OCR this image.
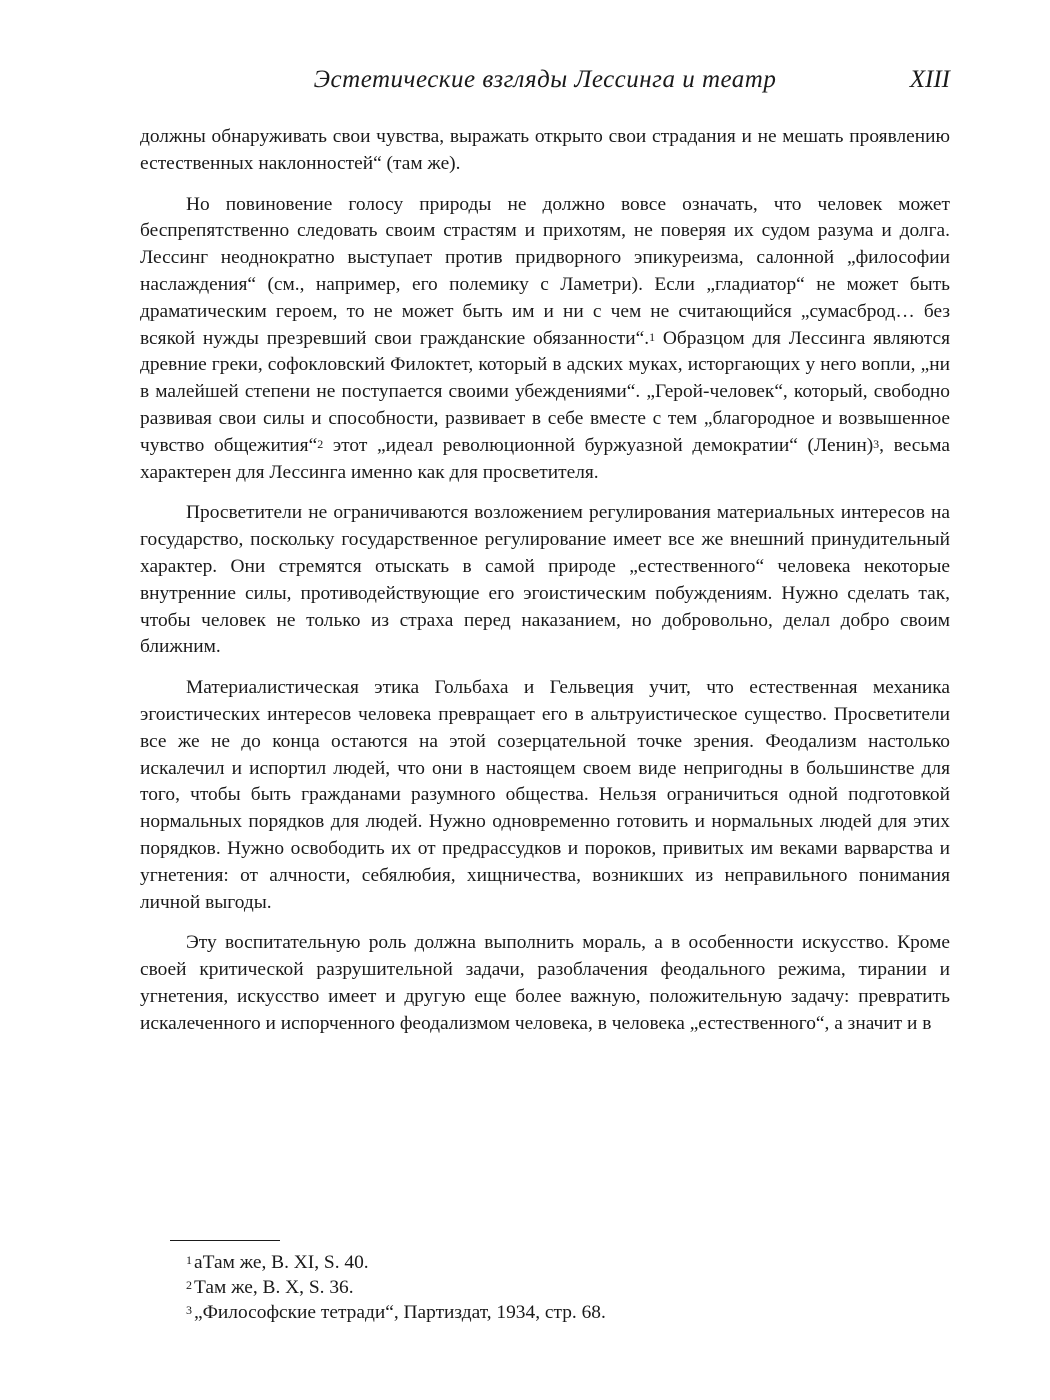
Эстетические взгляды Лессинга и театр	XIII

должны обнаруживать свои чувства, выражать открыто свои страдания и не мешать проявлению естественных наклонностей“ (там же).

Но повиновение голосу природы не должно вовсе означать, что человек может беспрепятственно следовать своим страстям и прихотям, не поверяя их судом разума и долга. Лессинг неоднократно выступает против придворного эпикуреизма, салонной „философии наслаждения“ (см., например, его полемику с Ламетри). Если „гладиатор“ не может быть драматическим героем, то не может быть им и ни с чем не считающийся „сумасброд… без всякой нужды презревший свои гражданские обязанности“.$^1$ Образцом для Лессинга являются древние греки, софокловский Филоктет, который в адских муках, исторгающих у него вопли, „ни в малейшей степени не поступается своими убеждениями“. „Герой-человек“, который, свободно развивая свои силы и способности, развивает в себе вместе с тем „благородное и возвышенное чувство общежития“$^2$ этот „идеал революционной буржуазной демократии“ (Ленин)$^3$, весьма характерен для Лессинга именно как для просветителя.

Просветители не ограничиваются возложением регулирования материальных интересов на государство, поскольку государственное регулирование имеет все же внешний принудительный характер. Они стремятся отыскать в самой природе „естественного“ человека некоторые внутренние силы, противодействующие его эгоистическим побуждениям. Нужно сделать так, чтобы человек не только из страха перед наказанием, но добровольно, делал добро своим ближним.

Материалистическая этика Гольбаха и Гельвеция учит, что естественная механика эгоистических интересов человека превращает его в альтруистическое существо. Просветители все же не до конца остаются на этой созерцательной точке зрения. Феодализм настолько искалечил и испортил людей, что они в настоящем своем виде непригодны в большинстве для того, чтобы быть гражданами разумного общества. Нельзя ограничиться одной подготовкой нормальных порядков для людей. Нужно одновременно готовить и нормальных людей для этих порядков. Нужно освободить их от предрассудков и пороков, привитых им веками варварства и угнетения: от алчности, себялюбия, хищничества, возникших из неправильного понимания личной выгоды.

Эту воспитательную роль должна выполнить мораль, а в особенности искусство. Кроме своей критической разрушительной задачи, разоблачения феодального режима, тирании и угнетения, искусство имеет и другую еще более важную, положительную задачу: превратить искалеченного и испорченного феодализмом человека, в человека „естественного“, а значит и в

$^1$ аТам же, B. XI, S. 40.

$^2$ Там же, B. X, S. 36.

$^3$ „Философские тетради“, Партиздат, 1934, стр. 68.
